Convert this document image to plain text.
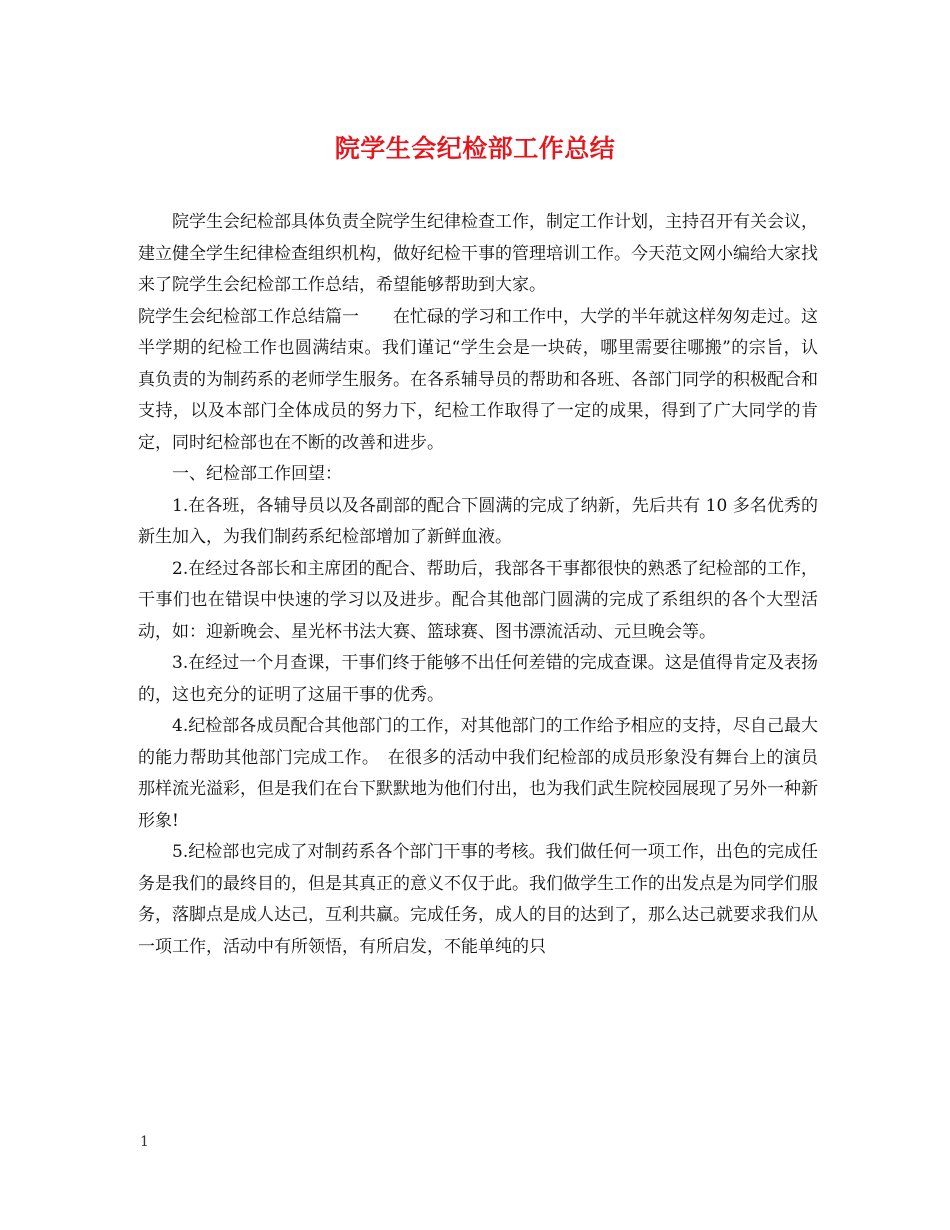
院学生会纪检部工作总结

院学生会纪检部具体负责全院学生纪律检查工作，制定工作计划，主持召开有关会议，建立健全学生纪律检查组织机构，做好纪检干事的管理培训工作。今天范文网小编给大家找来了院学生会纪检部工作总结，希望能够帮助到大家。

院学生会纪检部工作总结篇一　　在忙碌的学习和工作中，大学的半年就这样匆匆走过。这半学期的纪检工作也圆满结束。我们谨记“学生会是一块砖，哪里需要往哪搬”的宗旨，认真负责的为制药系的老师学生服务。在各系辅导员的帮助和各班、各部门同学的积极配合和支持，以及本部门全体成员的努力下，纪检工作取得了一定的成果，得到了广大同学的肯定，同时纪检部也在不断的改善和进步。

一、纪检部工作回望：

1.在各班，各辅导员以及各副部的配合下圆满的完成了纳新，先后共有 10 多名优秀的新生加入，为我们制药系纪检部增加了新鲜血液。

2.在经过各部长和主席团的配合、帮助后，我部各干事都很快的熟悉了纪检部的工作，干事们也在错误中快速的学习以及进步。配合其他部门圆满的完成了系组织的各个大型活动，如：迎新晚会、星光杯书法大赛、篮球赛、图书漂流活动、元旦晚会等。

3.在经过一个月查课，干事们终于能够不出任何差错的完成查课。这是值得肯定及表扬的，这也充分的证明了这届干事的优秀。

4.纪检部各成员配合其他部门的工作，对其他部门的工作给予相应的支持，尽自己最大的能力帮助其他部门完成工作。　在很多的活动中我们纪检部的成员形象没有舞台上的演员那样流光溢彩，但是我们在台下默默地为他们付出，也为我们武生院校园展现了另外一种新形象!

5.纪检部也完成了对制药系各个部门干事的考核。我们做任何一项工作，出色的完成任务是我们的最终目的，但是其真正的意义不仅于此。我们做学生工作的出发点是为同学们服务，落脚点是成人达己，互利共赢。完成任务，成人的目的达到了，那么达己就要求我们从一项工作，活动中有所领悟，有所启发，不能单纯的只

1
